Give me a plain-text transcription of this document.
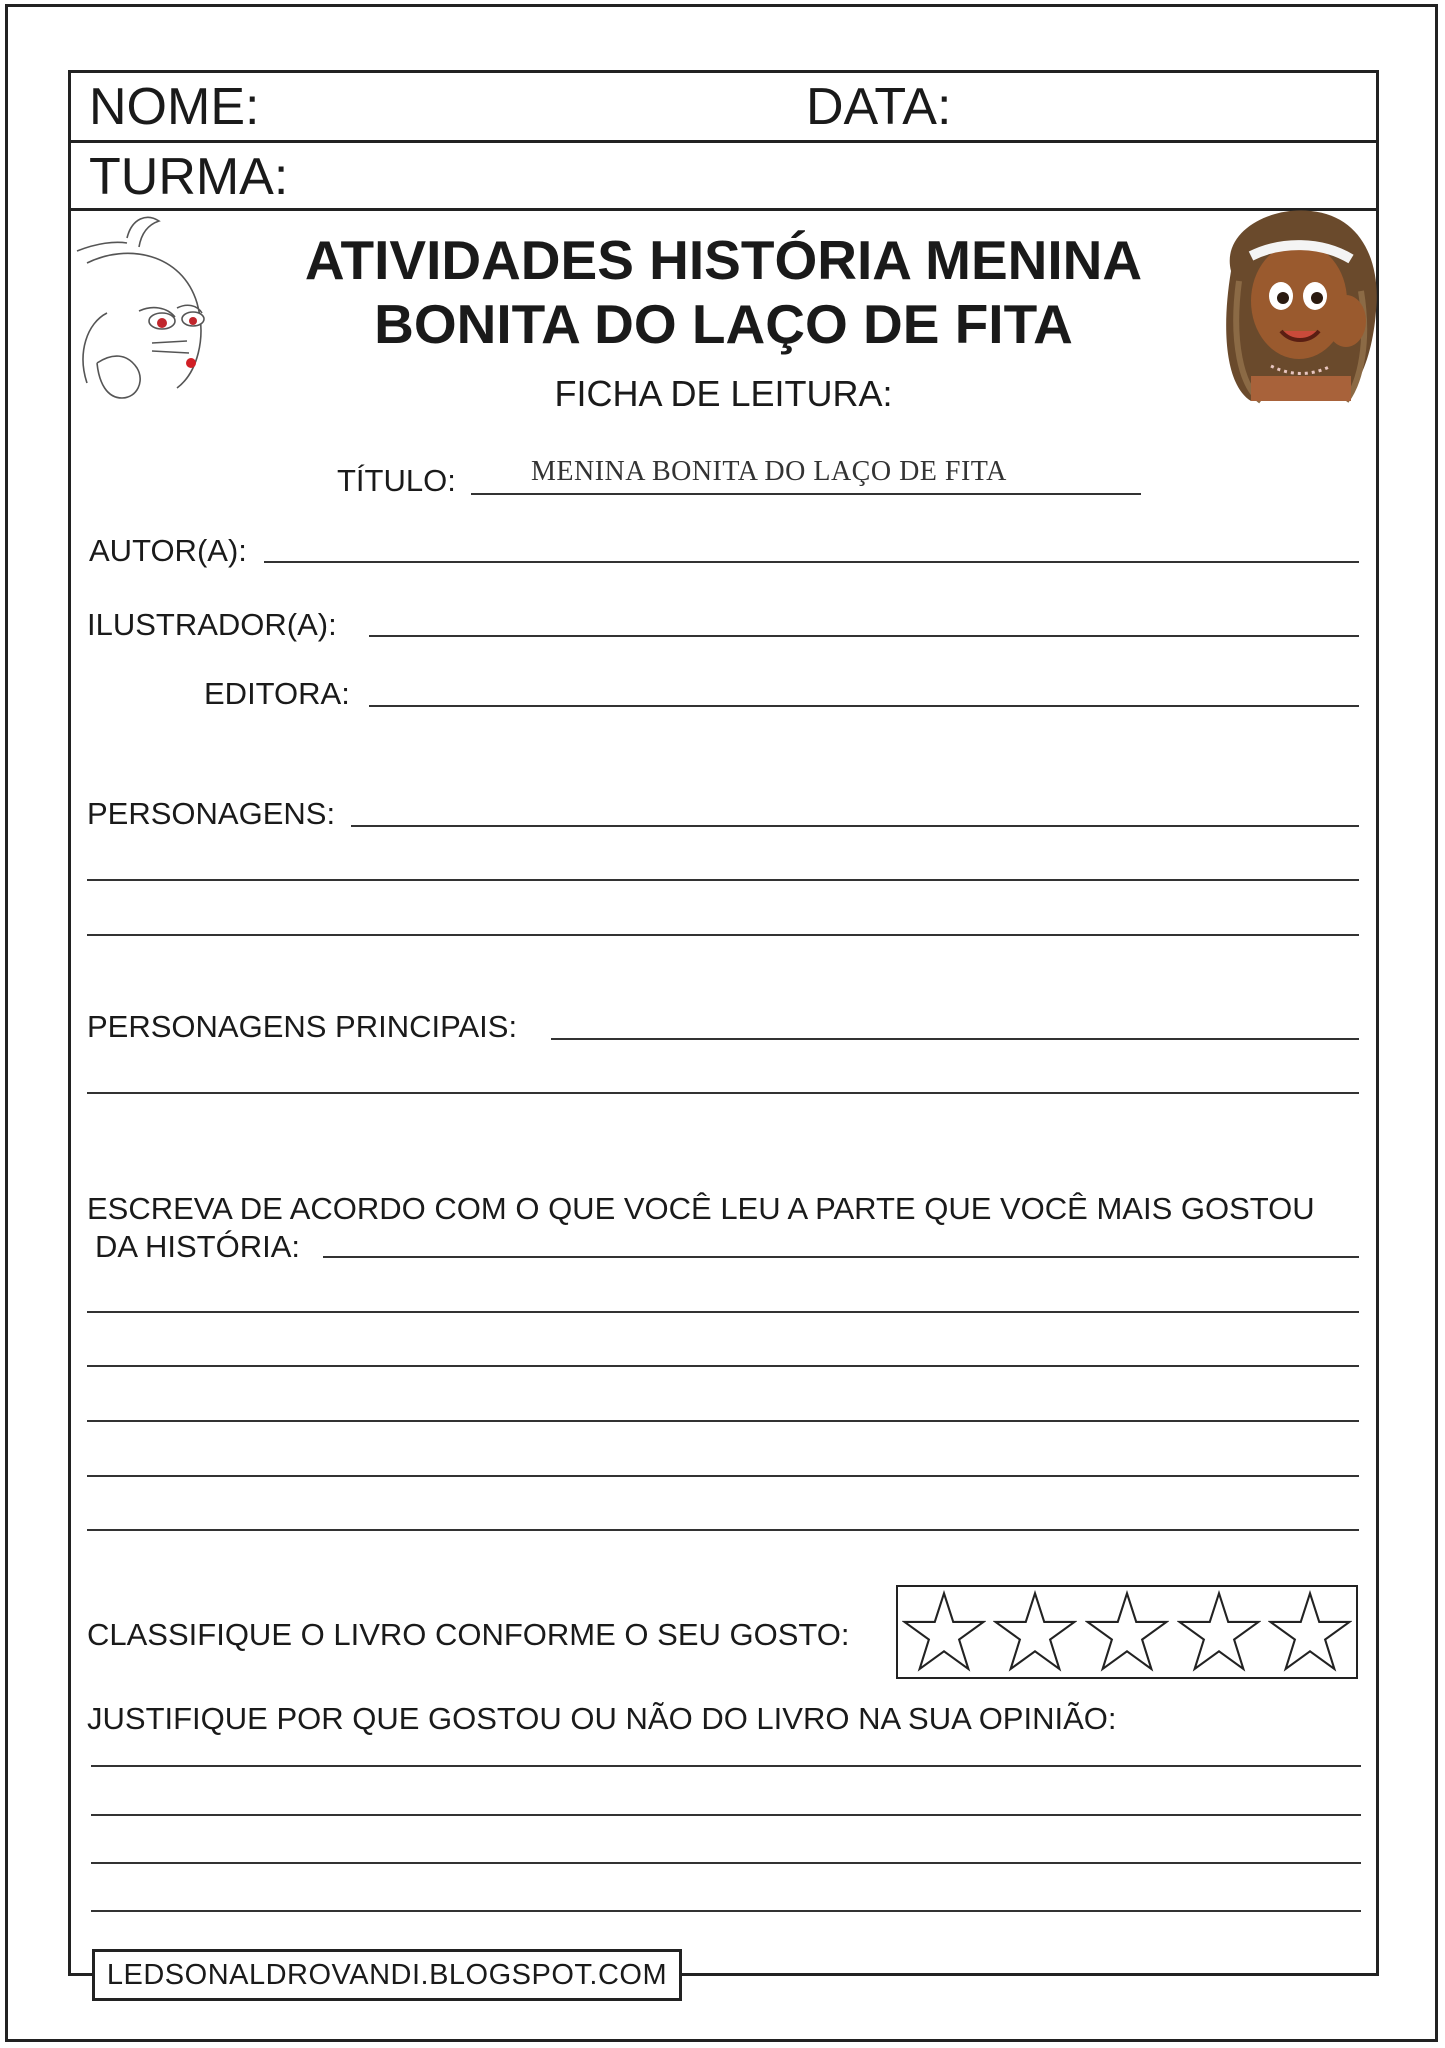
NOME:	DATA:
TURMA:
ATIVIDADES HISTÓRIA MENINA
BONITA DO LAÇO DE FITA
FICHA DE LEITURA:
TÍTULO:	MENINA BONITA DO LAÇO DE FITA
AUTOR(A):
ILUSTRADOR(A):
EDITORA:
PERSONAGENS:
PERSONAGENS PRINCIPAIS:
ESCREVA DE ACORDO COM O QUE VOCÊ LEU A PARTE QUE VOCÊ MAIS GOSTOU
DA HISTÓRIA:
CLASSIFIQUE O LIVRO CONFORME O SEU GOSTO:
JUSTIFIQUE POR QUE GOSTOU OU NÃO DO LIVRO NA SUA OPINIÃO:
LEDSONALDROVANDI.BLOGSPOT.COM
